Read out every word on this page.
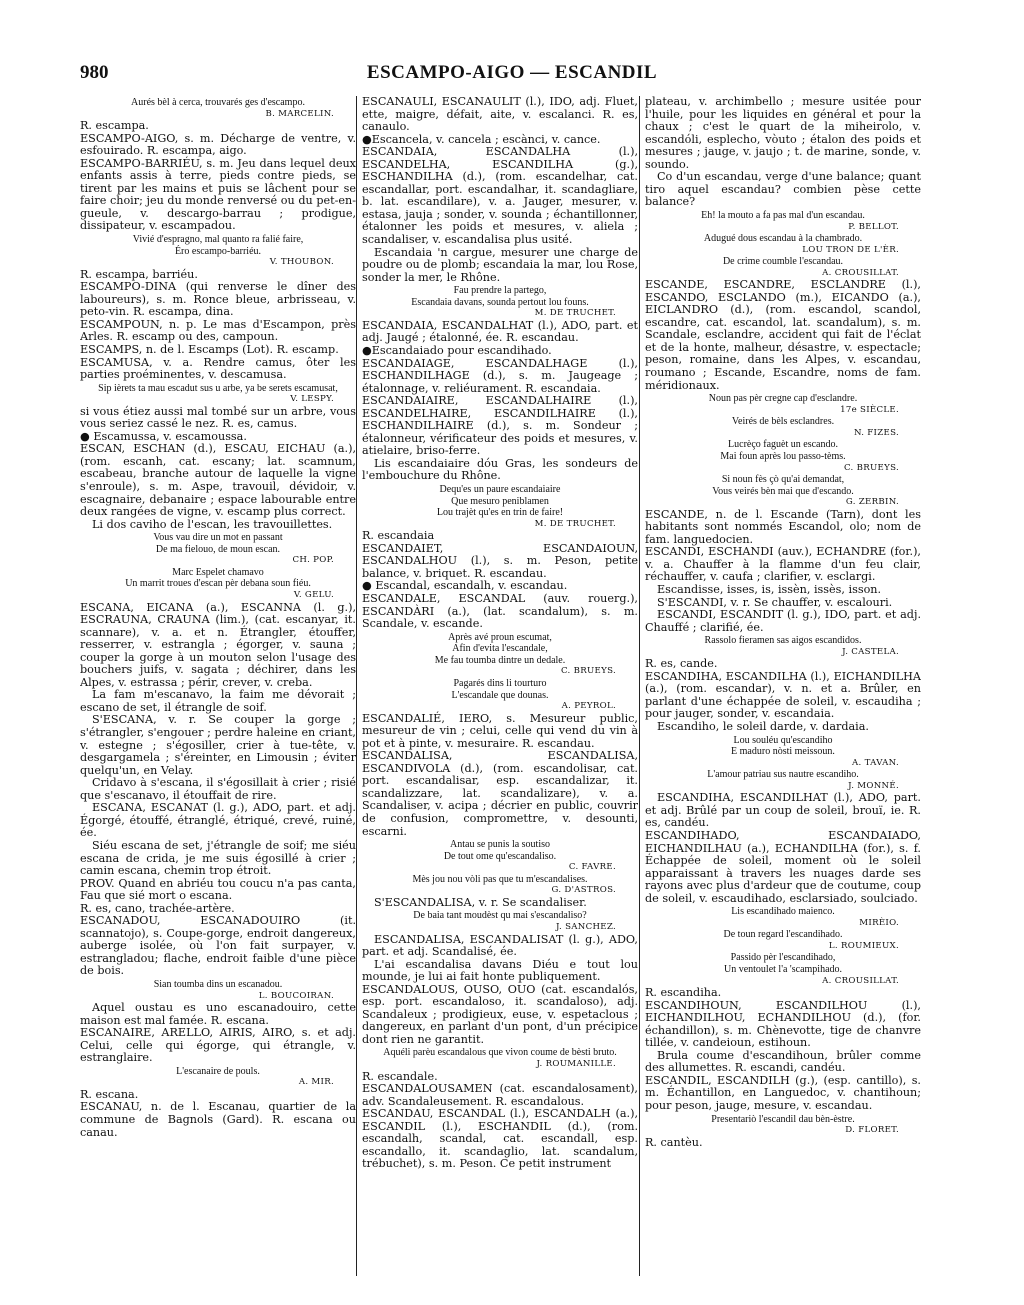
980	ESCAMPO-AIGO — ESCANDIL
Aurés bèl à cerca, trouvarés ges d'escampo.
B. MARCELIN.
R. escampa.
ESCAMPO-AIGO, s. m. Décharge de ventre, v. esfouirado. R. escampa, aigo.
ESCAMPO-BARRIÉU, s. m. Jeu dans lequel deux enfants assis à terre, pieds contre pieds, se tirent par les mains et puis se lâchent pour se faire choir; jeu du monde renversé ou du pet-en-gueule, v. descargo-barrau ; prodigue, dissipateur, v. escampadou.
Vivié d'espragno, mal quanto ra falié faire,
Éro escampo-barriéu.
V. THOUBON.
R. escampa, barriéu.
ESCAMPO-DINA (qui renverse le dîner des laboureurs), s. m. Ronce bleue, arbrisseau, v. peto-vin. R. escampa, dina.
ESCAMPOUN, n. p. Le mas d'Escampon, près Arles. R. escamp ou des, campoun.
ESCAMPS, n. de l. Escamps (Lot). R. escamp.
ESCAMUSA, v. a. Rendre camus, ôter les parties proéminentes, v. descamusa.
Sip ièrets ta mau escadut sus u arbe, ya be serets escamusat,
V. LESPY.
si vous étiez aussi mal tombé sur un arbre, vous vous seriez cassé le nez. R. es, camus.
● Escamussa, v. escamoussa.
ESCAN, ESCHAN (d.), ESCAU, EICHAU (a.), (rom. escanh, cat. escany; lat. scamnum, escabeau, branche autour de laquelle la vigne s'enroule), s. m. Aspe, travouil, dévidoir, v. escagnaire, debanaire ; espace labourable entre deux rangées de vigne, v. escamp plus correct.
Li dos caviho de l'escan, les travouillettes.
Vous vau dire un mot en passant
De ma fielouo, de moun escan.
CH. POP.
Marc Espelet chamavo
Un marrit troues d'escan pèr debana soun fiéu.
V. GELU.
ESCANA, EICANA (a.), ESCANNA (l. g.), ESCRAUNA, CRAUNA (lim.), (cat. escanyar, it. scannare), v. a. et n. Étrangler, étouffer, resserrer, v. estrangla ; égorger, v. sauna ; couper la gorge à un mouton selon l'usage des bouchers juifs, v. sagata ; déchirer, dans les Alpes, v. estrassa ; périr, crever, v. creba.
La fam m'escanavo, la faim me dévorait ; escano de set, il étrangle de soif.
S'ESCANA, v. r. Se couper la gorge ; s'étrangler, s'engouer ; perdre haleine en criant, v. estegne ; s'égosiller, crier à tue-tête, v. desgargamela ; s'éreinter, en Limousin ; éviter quelqu'un, en Velay.
Cridavo à s'escana, il s'égosillait à crier ; risié que s'escanavo, il étouffait de rire.
ESCANA, ESCANAT (l. g.), ADO, part. et adj. Égorgé, étouffé, étranglé, étriqué, crevé, ruiné, ée.
Siéu escana de set, j'étrangle de soif; me siéu escana de crida, je me suis égosillé à crier ; camin escana, chemin trop étroit.
PROV. Quand en abriéu tou coucu n'a pas canta, Fau que sié mort o escana.
R. es, cano, trachée-artère.
ESCANADOU, ESCANADOUIRO (it. scannatojo), s. Coupe-gorge, endroit dangereux, auberge isolée, où l'on fait surpayer, v. estrangladou; flache, endroit faible d'une pièce de bois.
Sian toumba dins un escanadou.
L. BOUCOIRAN.
Aquel oustau es uno escanadouiro, cette maison est mal famée. R. escana.
ESCANAIRE, ARELLO, AIRIS, AIRO, s. et adj. Celui, celle qui égorge, qui étrangle, v. estranglaire.
L'escanaire de pouls.
A. MIR.
R. escana.
ESCANAU, n. de l. Escanau, quartier de la commune de Bagnols (Gard). R. escana ou canau.
ESCANAULI, ESCANAULIT (l.), IDO, adj. Fluet, ette, maigre, défait, aite, v. escalanci. R. es, canaulo.
●Escancela, v. cancela ; escànci, v. cance.
ESCANDAIA, ESCANDALHA (l.), ESCANDELHA, ESCANDILHA (g.), ESCHANDILHA (d.), (rom. escandelhar, cat. escandallar, port. escandalhar, it. scandagliare, b. lat. escandilare), v. a. Jauger, mesurer, v. estasa, jauja ; sonder, v. sounda ; échantillonner, étalonner les poids et mesures, v. aliela ; scandaliser, v. escandalisa plus usité.
Escandaia 'n cargue, mesurer une charge de poudre ou de plomb; escandaia la mar, lou Rose, sonder la mer, le Rhône.
Fau prendre la partego,
Escandaia davans, sounda pertout lou founs.
M. DE TRUCHET.
ESCANDAIA, ESCANDALHAT (l.), ADO, part. et adj. Jaugé ; étalonné, ée. R. escandau.
●Escandaiado pour escandihado.
ESCANDAIAGE, ESCANDALHAGE (l.), ESCHANDILHAGE (d.), s. m. Jaugeage ; étalonnage, v. reliéurament. R. escandaia.
ESCANDAIAIRE, ESCANDALHAIRE (l.), ESCANDELHAIRE, ESCANDILHAIRE (l.), ESCHANDILHAIRE (d.), s. m. Sondeur ; étalonneur, vérificateur des poids et mesures, v. atielaire, briso-ferre.
Lis escandaiaire dóu Gras, les sondeurs de l'embouchure du Rhône.
Dequ'es un paure escandaiaire
Que mesuro peniblamen
Lou trajèt qu'es en trin de faire!
M. DE TRUCHET.
R. escandaia
ESCANDAIET, ESCANDAIOUN, ESCANDALHOU (l.), s. m. Peson, petite balance, v. briquet. R. escandau.
● Escandal, escandalh, v. escandau.
ESCANDALE, ESCANDAL (auv. rouerg.), ESCANDÀRI (a.), (lat. scandalum), s. m. Scandale, v. escande.
Après avé proun escumat,
Afin d'evita l'escandale,
Me fau toumba dintre un dedale.
C. BRUEYS.
Pagarés dins li tourturo
L'escandale que dounas.
A. PEYROL.
ESCANDALIÉ, IERO, s. Mesureur public, mesureur de vin ; celui, celle qui vend du vin à pot et à pinte, v. mesuraire. R. escandau.
ESCANDALISA, ESCANDALISA, ESCANDIVOLA (d.), (rom. escandolisar, cat. port. escandalisar, esp. escandalizar, it. scandalizzare, lat. scandalizare), v. a. Scandaliser, v. acipa ; décrier en public, couvrir de confusion, compromettre, v. desounti, escarni.
Antau se punis la soutiso
De tout ome qu'escandaliso.
C. FAVRE.
Mès jou nou vòli pas que tu m'escandalises.
G. D'ASTROS.
S'ESCANDALISA, v. r. Se scandaliser.
De baia tant moudèst qu mai s'escandaliso?
J. SANCHEZ.
ESCANDALISA, ESCANDALISAT (l. g.), ADO, part. et adj. Scandalisé, ée.
L'ai escandalisa davans Diéu e tout lou mounde, je lui ai fait honte publiquement.
ESCANDALOUS, OUSO, OUO (cat. escandalós, esp. port. escandaloso, it. scandaloso), adj. Scandaleux ; prodigieux, euse, v. espetaclous ; dangereux, en parlant d'un pont, d'un précipice dont rien ne garantit.
Aquéli parèu escandalous que vivon coume de bèsti bruto.
J. ROUMANILLE.
R. escandale.
ESCANDALOUSAMEN (cat. escandalosament), adv. Scandaleusement. R. escandalous.
ESCANDAU, ESCANDAL (l.), ESCANDALH (a.), ESCANDIL (l.), ESCHANDIL (d.), (rom. escandalh, scandal, cat. escandall, esp. escandallo, it. scandaglio, lat. scandalum, trébuchet), s. m. Peson. Ce petit instrument
plateau, v. archimbello ; mesure usitée pour l'huile, pour les liquides en général et pour la chaux ; c'est le quart de la miheirolo, v. escandóli, esplecho, vòuto ; étalon des poids et mesures ; jauge, v. jaujo ; t. de marine, sonde, v. soundo.
Co d'un escandau, verge d'une balance; quant tiro aquel escandau? combien pèse cette balance?
Eh! la mouto a fa pas mal d'un escandau.
P. BELLOT.
Adugué dous escandau à la chambrado.
LOU TRON DE L'ÈR.
De crime coumble l'escandau.
A. CROUSILLAT.
ESCANDE, ESCANDRE, ESCLANDRE (l.), ESCANDO, ESCLANDO (m.), EICANDO (a.), EICLANDRO (d.), (rom. escandol, scandol, escandre, cat. escandol, lat. scandalum), s. m. Scandale, esclandre, accident qui fait de l'éclat et de la honte, malheur, désastre, v. espectacle; peson, romaine, dans les Alpes, v. escandau, roumano ; Escande, Escandre, noms de fam. méridionaux.
Noun pas pèr cregne cap d'esclandre.
17e SIÈCLE.
Veirés de bèls esclandres.
N. FIZES.
Lucrèço faguèt un escando.
Mai foun après lou passo-tèms.
C. BRUEYS.
Si noun fès çò qu'ai demandat,
Vous veirés bèn mai que d'escando.
G. ZERBIN.
ESCANDE, n. de l. Escande (Tarn), dont les habitants sont nommés Escandol, olo; nom de fam. languedocien.
ESCANDI, ESCHANDI (auv.), ECHANDRE (for.), v. a. Chauffer à la flamme d'un feu clair, réchauffer, v. caufa ; clarifier, v. esclargi.
Escandisse, isses, is, issèn, issès, isson.
S'ESCANDI, v. r. Se chauffer, v. escalouri.
ESCANDI, ESCANDIT (l. g.), IDO, part. et adj. Chauffé ; clarifié, ée.
Rassolo fieramen sas aigos escandidos.
J. CASTELA.
R. es, cande.
ESCANDIHA, ESCANDILHA (l.), EICHANDILHA (a.), (rom. escandar), v. n. et a. Brûler, en parlant d'une échappée de soleil, v. escaudiha ; pour jauger, sonder, v. escandaia.
Escandiho, le soleil darde, v. dardaia.
Lou souléu qu'escandiho
E maduro nòsti meissoun.
A. TAVAN.
L'amour patriau sus nautre escandiho.
J. MONNÉ.
ESCANDIHA, ESCANDILHAT (l.), ADO, part. et adj. Brûlé par un coup de soleil, brouï, ie. R. es, candéu.
ESCANDIHADO, ESCANDAIADO, EICHANDILHAU (a.), ECHANDILHA (for.), s. f. Échappée de soleil, moment où le soleil apparaissant à travers les nuages darde ses rayons avec plus d'ardeur que de coutume, coup de soleil, v. escaudihado, esclarsiado, soulciado.
Lis escandihado maienco.
MIRÈIO.
De toun regard l'escandihado.
L. ROUMIEUX.
Passido pèr l'escandihado,
Un ventoulet l'a 'scampihado.
A. CROUSILLAT.
R. escandiha.
ESCANDIHOUN, ESCANDILHOU (l.), EICHANDILHOU, ECHANDILHOU (d.), (for. échandillon), s. m. Chènevotte, tige de chanvre tillée, v. candeioun, estihoun.
Brula coume d'escandihoun, brûler comme des allumettes. R. escandi, candéu.
ESCANDIL, ESCANDILH (g.), (esp. cantillo), s. m. Échantillon, en Languedoc, v. chantihoun; pour peson, jauge, mesure, v. escandau.
Presentariò l'escandil dau bèn-èstre.
D. FLORET.
R. cantèu.
